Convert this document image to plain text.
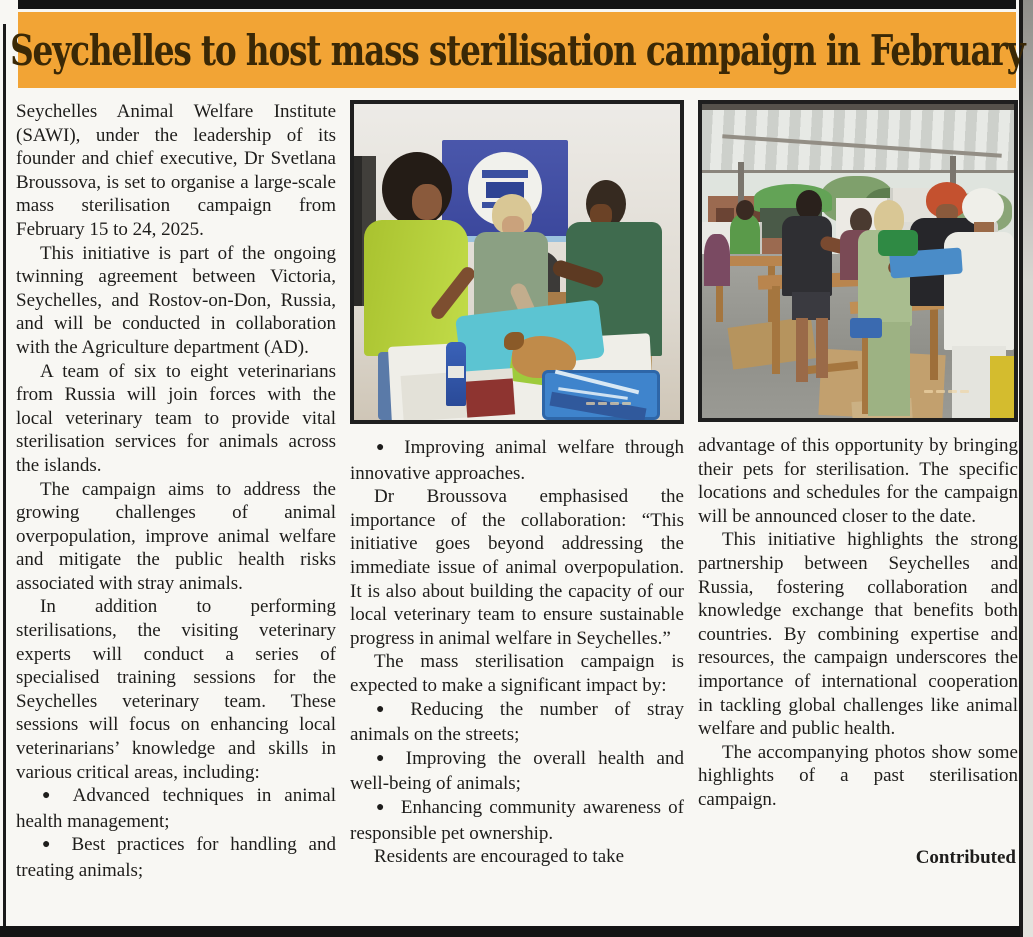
Seychelles to host mass sterilisation campaign in February

Seychelles Animal Welfare Institute (SAWI), under the leadership of its founder and chief executive, Dr Svetlana Broussova, is set to organise a large-scale mass sterilisation campaign from February 15 to 24, 2025.

This initiative is part of the ongoing twinning agreement between Victoria, Seychelles, and Rostov-on-Don, Russia, and will be conducted in collaboration with the Agriculture department (AD).

A team of six to eight veterinarians from Russia will join forces with the local veterinary team to provide vital sterilisation services for animals across the islands.

The campaign aims to address the growing challenges of animal overpopulation, improve animal welfare and mitigate the public health risks associated with stray animals.

In addition to performing sterilisations, the visiting veterinary experts will conduct a series of specialised training sessions for the Seychelles veterinary team. These sessions will focus on enhancing local veterinarians’ knowledge and skills in various critical areas, including:

● Advanced techniques in animal health management;

● Best practices for handling and treating animals;

● Improving animal welfare through innovative approaches.

Dr Broussova emphasised the importance of the collaboration: “This initiative goes beyond addressing the immediate issue of animal overpopulation. It is also about building the capacity of our local veterinary team to ensure sustainable progress in animal welfare in Seychelles.”

The mass sterilisation campaign is expected to make a significant impact by:

● Reducing the number of stray animals on the streets;

● Improving the overall health and well-being of animals;

● Enhancing community awareness of responsible pet ownership.

Residents are encouraged to take

advantage of this opportunity by bringing their pets for sterilisation. The specific locations and schedules for the campaign will be announced closer to the date.

This initiative highlights the strong partnership between Seychelles and Russia, fostering collaboration and knowledge exchange that benefits both countries. By combining expertise and resources, the campaign underscores the importance of international cooperation in tackling global challenges like animal welfare and public health.

The accompanying photos show some highlights of a past sterilisation campaign.

Contributed
